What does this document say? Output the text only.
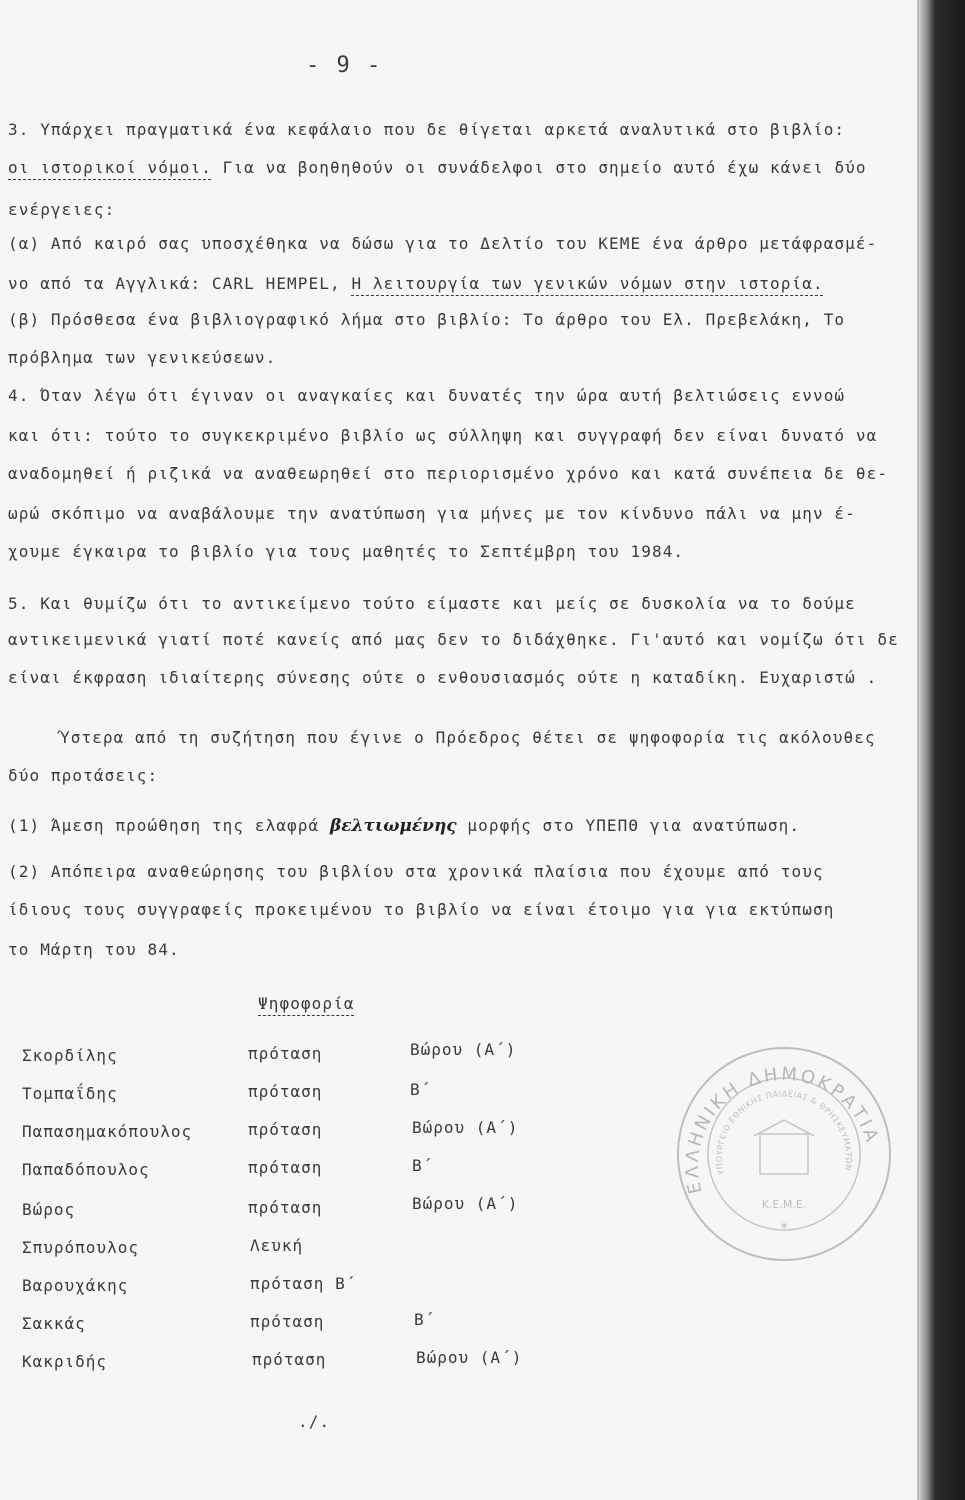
- 9 -
3. Υπάρχει πραγματικά ένα κεφάλαιο που δε θίγεται αρκετά αναλυτικά στο βιβλίο:
οι ιστορικοί νόμοι. Για να βοηθηθούν οι συνάδελφοι στο σημείο αυτό έχω κάνει δύο
ενέργειες:
(α) Από καιρό σας υποσχέθηκα να δώσω για το Δελτίο του ΚΕΜΕ ένα άρθρο μετάφρασμέ-
νο από τα Αγγλικά: CARL HEMPEL, Η λειτουργία των γενικών νόμων στην ιστορία.
(β) Πρόσθεσα ένα βιβλιογραφικό λήμα στο βιβλίο: Το άρθρο του Ελ. Πρεβελάκη, Το
πρόβλημα των γενικεύσεων.
4. Όταν λέγω ότι έγιναν οι αναγκαίες και δυνατές την ώρα αυτή βελτιώσεις εννοώ
και ότι: τούτο το συγκεκριμένο βιβλίο ως σύλληψη και συγγραφή δεν είναι δυνατό να
αναδομηθεί ή ριζικά να αναθεωρηθεί στο περιορισμένο χρόνο και κατά συνέπεια δε θε-
ωρώ σκόπιμο να αναβάλουμε την ανατύπωση για μήνες με τον κίνδυνο πάλι να μην έ-
χουμε έγκαιρα το βιβλίο για τους μαθητές το Σεπτέμβρη του 1984.
5. Και θυμίζω ότι το αντικείμενο τούτο είμαστε και μείς σε δυσκολία να το δούμε
αντικειμενικά γιατί ποτέ κανείς από μας δεν το διδάχθηκε. Γι'αυτό και νομίζω ότι δε
είναι έκφραση ιδιαίτερης σύνεσης ούτε ο ενθουσιασμός ούτε η καταδίκη. Ευχαριστώ .
Ύστερα από τη συζήτηση που έγινε ο Πρόεδρος θέτει σε ψηφοφορία τις ακόλουθες
δύο προτάσεις:
(1) Άμεση προώθηση της ελαφρά βελτιωμένης μορφής στο ΥΠΕΠΘ για ανατύπωση.
(2) Απόπειρα αναθεώρησης του βιβλίου στα χρονικά πλαίσια που έχουμε από τους
ίδιους τους συγγραφείς προκειμένου το βιβλίο να είναι έτοιμο για για εκτύπωση
το Μάρτη του 84.
Ψηφοφορία
Σκορδίλης	πρόταση	Βώρου (Α΄)
Τομπαΐδης	πρόταση	Β΄
Παπασημακόπουλος	πρόταση	Βώρου (Α΄)
Παπαδόπουλος	πρόταση	Β΄
Βώρος	πρόταση	Βώρου (Α΄)
Σπυρόπουλος	Λευκή
Βαρουχάκης	πρόταση Β΄
Σακκάς	πρόταση	Β΄
Κακριδής	πρόταση	Βώρου (Α΄)
./.
ΕΛΛΗΝΙΚΗ ΔΗΜΟΚΡΑΤΙΑ
ΥΠΟΥΡΓΕΙΟ ΕΘΝΙΚΗΣ ΠΑΙΔΕΙΑΣ & ΘΡΗΣΚΕΥΜΑΤΩΝ
Κ.Ε.Μ.Ε.
✶
